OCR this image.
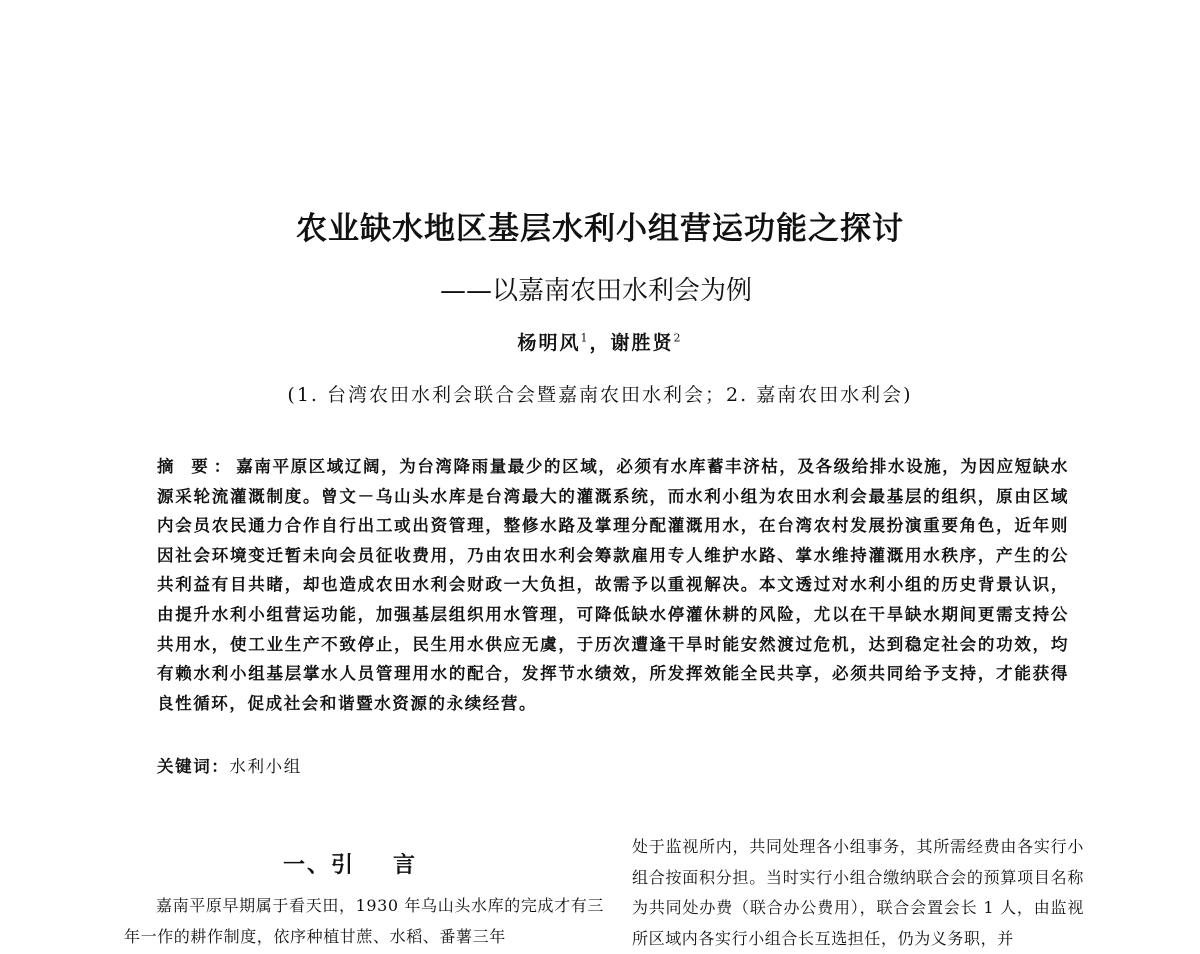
农业缺水地区基层水利小组营运功能之探讨
——以嘉南农田水利会为例
杨明风$^1$，谢胜贤$^2$
(1. 台湾农田水利会联合会暨嘉南农田水利会；2. 嘉南农田水利会)
摘 要：嘉南平原区域辽阔，为台湾降雨量最少的区域，必须有水库蓄丰济枯，及各级给排水设施，为因应短缺水源采轮流灌溉制度。曾文－乌山头水库是台湾最大的灌溉系统，而水利小组为农田水利会最基层的组织，原由区域内会员农民通力合作自行出工或出资管理，整修水路及掌理分配灌溉用水，在台湾农村发展扮演重要角色，近年则因社会环境变迁暂未向会员征收费用，乃由农田水利会筹款雇用专人维护水路、掌水维持灌溉用水秩序，产生的公共利益有目共睹，却也造成农田水利会财政一大负担，故需予以重视解决。本文透过对水利小组的历史背景认识，由提升水利小组营运功能，加强基层组织用水管理，可降低缺水停灌休耕的风险，尤以在干旱缺水期间更需支持公共用水，使工业生产不致停止，民生用水供应无虞，于历次遭逢干旱时能安然渡过危机，达到稳定社会的功效，均有赖水利小组基层掌水人员管理用水的配合，发挥节水绩效，所发挥效能全民共享，必须共同给予支持，才能获得良性循环，促成社会和谐暨水资源的永续经营。
关键词：水利小组
一、引 言

嘉南平原早期属于看天田，1930 年乌山头水库的完成才有三年一作的耕作制度，依序种植甘蔗、水稻、番薯三年

处于监视所内，共同处理各小组事务，其所需经费由各实行小组合按面积分担。当时实行小组合缴纳联合会的预算项目名称为共同处办费（联合办公费用），联合会置会长 1 人，由监视所区域内各实行小组合长互选担任，仍为义务职，并
